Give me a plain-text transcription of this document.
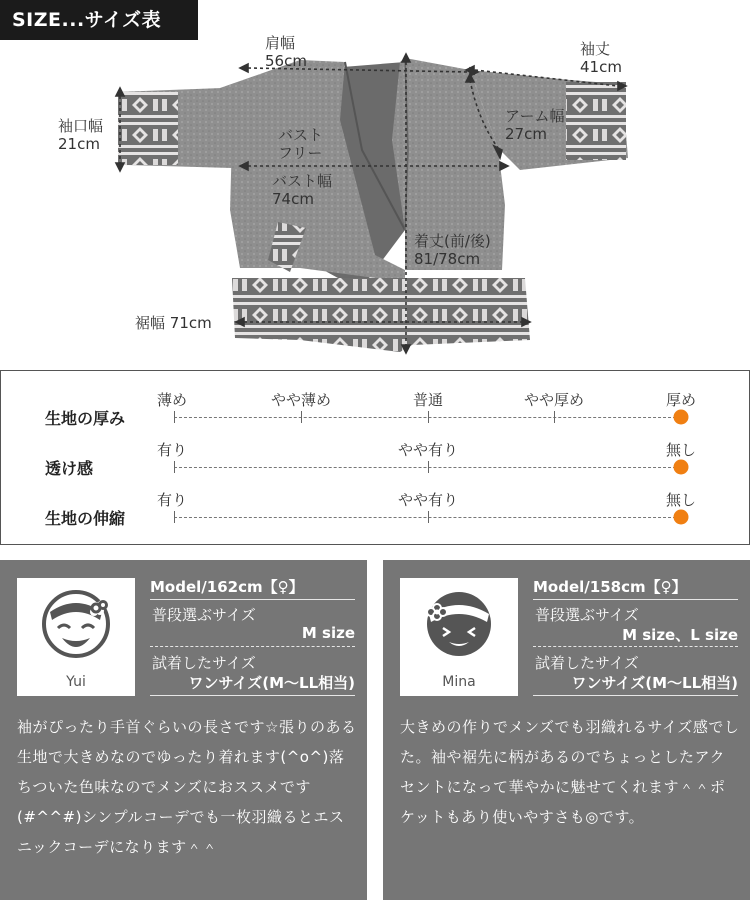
SIZE...サイズ表
肩幅
56cm
袖丈
41cm
袖口幅
21cm
アーム幅
27cm
バスト
フリー
バスト幅
74cm
着丈(前/後)
81/78cm
裾幅 71cm
生地の厚み
薄め	やや薄め	普通	やや厚め	厚め
透け感
有り	やや有り	無し
生地の伸縮
有り	やや有り	無し
Yui
Model/162cm【♀】
普段選ぶサイズ
M size
試着したサイズ
ワンサイズ(M〜LL相当)
袖がぴったり手首ぐらいの長さです☆張りのある生地で大きめなのでゆったり着れます(^o^)落ちついた色味なのでメンズにおススメです(#^^#)シンプルコーデでも一枚羽織るとエスニックコーデになります＾＾
Mina
Model/158cm【♀】
普段選ぶサイズ
M size、L size
試着したサイズ
ワンサイズ(M〜LL相当)
大きめの作りでメンズでも羽織れるサイズ感でした。袖や裾先に柄があるのでちょっとしたアクセントになって華やかに魅せてくれます＾＾ポケットもあり使いやすさも◎です。
